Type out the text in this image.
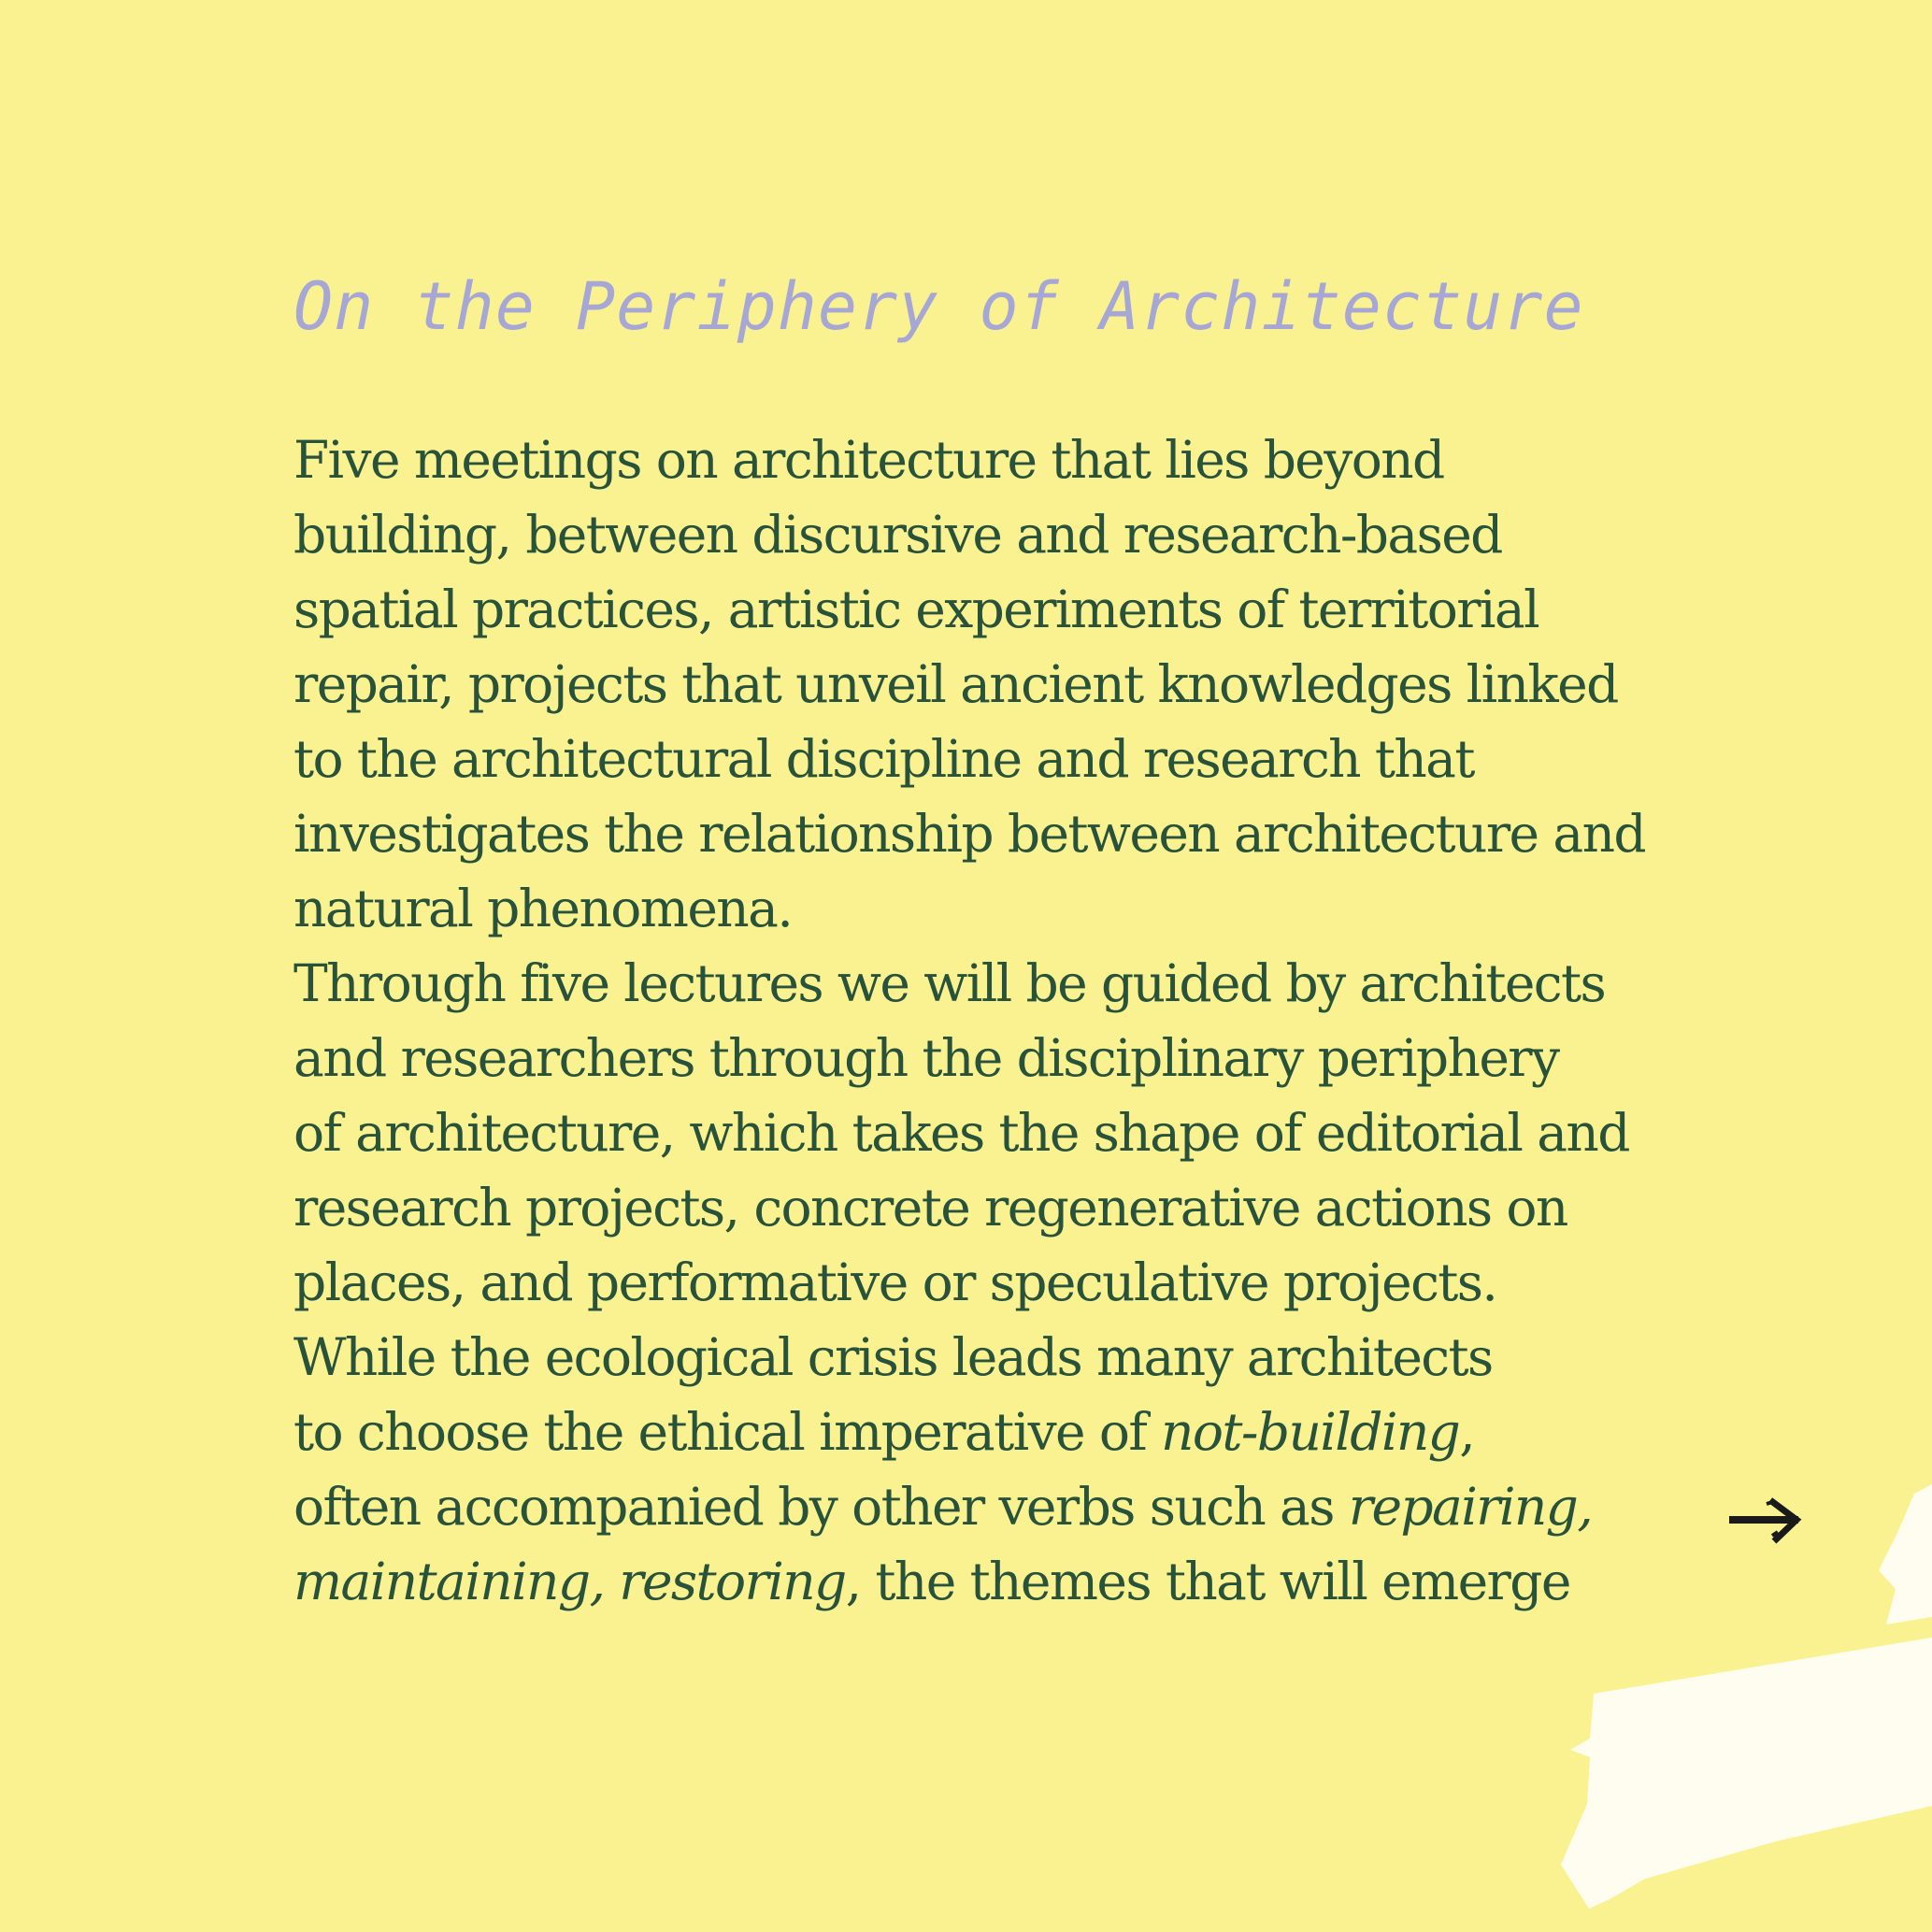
On the Periphery of Architecture
Five meetings on architecture that lies beyond
building, between discursive and research-based
spatial practices, artistic experiments of territorial
repair, projects that unveil ancient knowledges linked
to the architectural discipline and research that
investigates the relationship between architecture and
natural phenomena.
Through five lectures we will be guided by architects
and researchers through the disciplinary periphery
of architecture, which takes the shape of editorial and
research projects, concrete regenerative actions on
places, and performative or speculative projects.
While the ecological crisis leads many architects
to choose the ethical imperative of not-building,
often accompanied by other verbs such as repairing,
maintaining, restoring, the themes that will emerge
